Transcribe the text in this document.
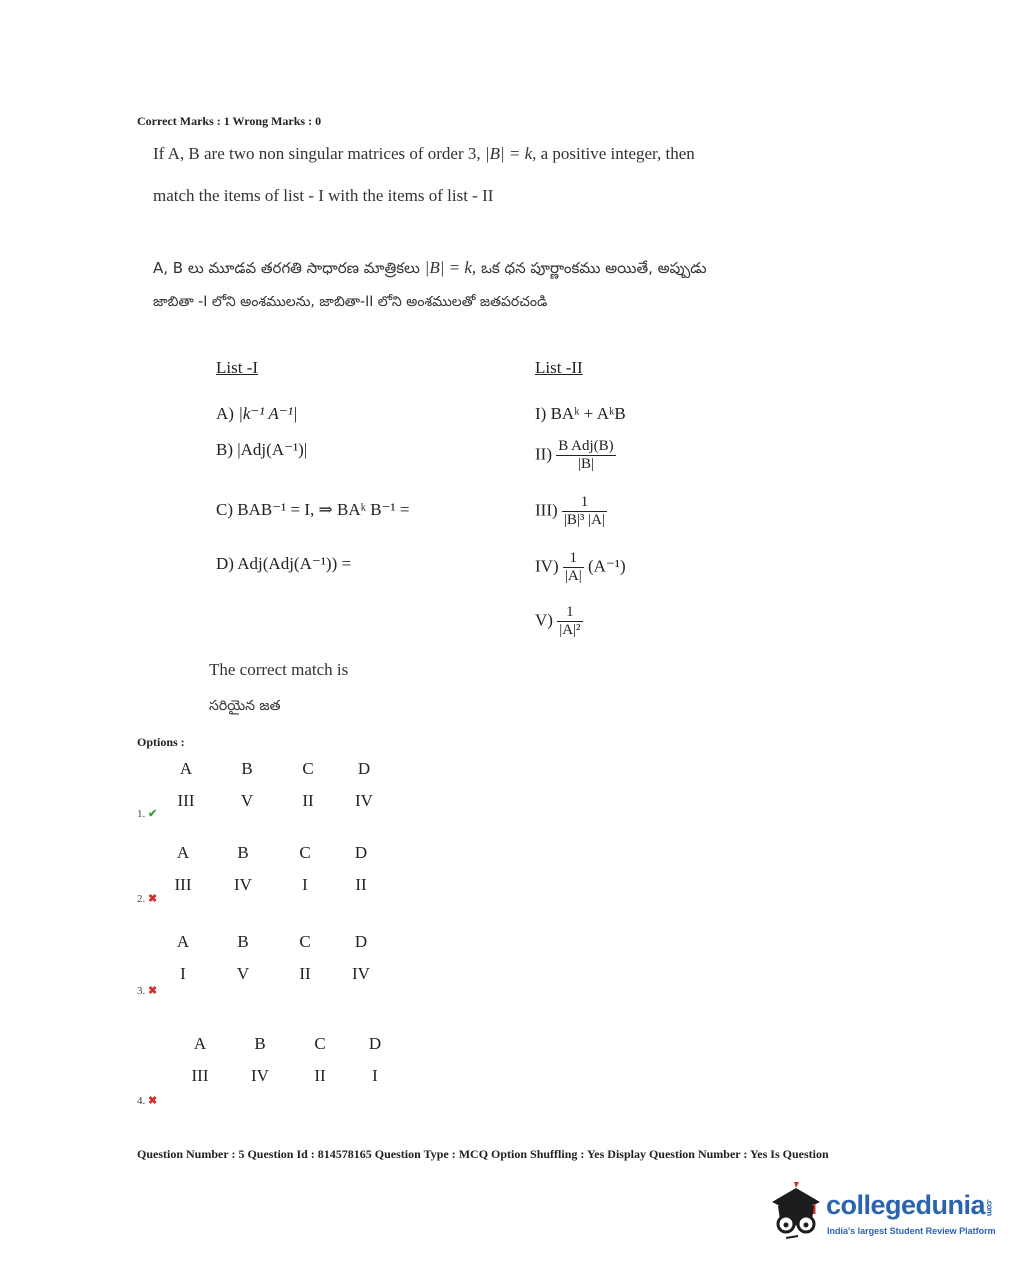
Correct Marks : 1 Wrong Marks : 0
If A, B are two non singular matrices of order 3, |B| = k, a positive integer, then
match the items of list - I with the items of list - II
A, B లు మూడవ తరగతి సాధారణ మాత్రికలు |B| = k, ఒక ధన పూర్ణాంకము అయితే, అప్పుడు
జాబితా -I లోని అంశములను, జాబితా-II లోని అంశములతో జతపరచండి
List -I
A) |k⁻¹ A⁻¹|
B) |Adj(A⁻¹)|
C) BAB⁻¹ = I, ⇒ BAᵏ B⁻¹ =
D) Adj(Adj(A⁻¹)) =
List -II
I) BAᵏ + AᵏB
$II) \frac{\text{B Adj(B)}}{|B|}$
$III) \frac{1}{\text{|B|³ |A|}}$
$IV) \frac{1}{|A|} (A^{-1})$
$V) \frac{1}{\text{|A|²}}$
The correct match is
సరియైన జత
Options :
A	B	C	D
III	V	II	IV
1. ✔
A	B	C	D
III	IV	I	II
2. ✖
A	B	C	D
I	V	II	IV
3. ✖
A	B	C	D
III	IV	II	I
4. ✖
Question Number : 5 Question Id : 814578165 Question Type : MCQ Option Shuffling : Yes Display Question Number : Yes Is Question
collegedunia.com
India's largest Student Review Platform
